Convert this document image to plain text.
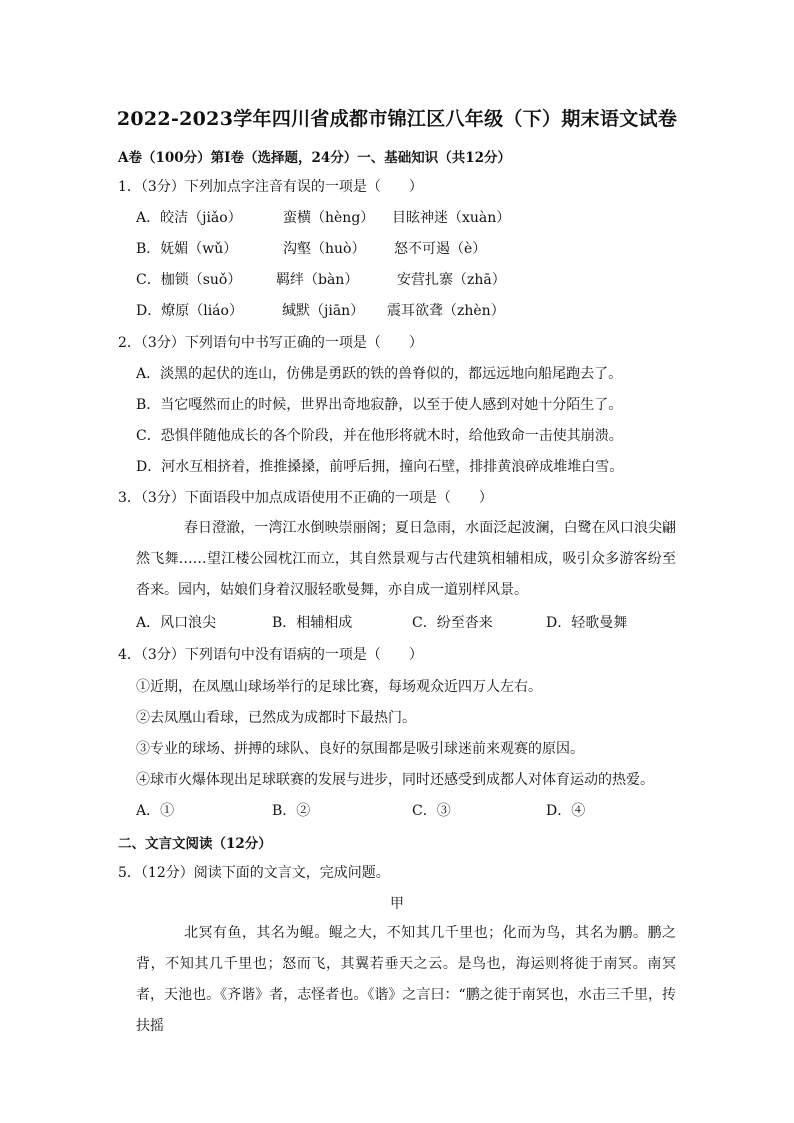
2022-2023学年四川省成都市锦江区八年级（下）期末语文试卷
A卷（100分）第Ⅰ卷（选择题，24分）一、基础知识（共12分）
1．（3分）下列加点字注音有误的一项是（　　）
A．皎洁（jiǎo）	蛮横（hèng） 目眩神迷（xuàn）
B．妩媚（wǔ）	沟壑（huò） 怒不可遏（è）
C．枷锁（suǒ） 羁绊（bàn）	安营扎寨（zhā）
D．燎原（liáo）	缄默（jiān） 震耳欲聋（zhèn）
2．（3分）下列语句中书写正确的一项是（　　）
A．淡黑的起伏的连山，仿佛是勇跃的铁的兽脊似的，都远远地向船尾跑去了。
B．当它嘎然而止的时候，世界出奇地寂静，以至于使人感到对她十分陌生了。
C．恐惧伴随他成长的各个阶段，并在他形将就木时，给他致命一击使其崩溃。
D．河水互相挤着，推推搡搡，前呼后拥，撞向石壁，排排黄浪碎成堆堆白雪。
3．（3分）下面语段中加点成语使用不正确的一项是（　　）
春日澄澈，一湾江水倒映崇丽阁；夏日急雨，水面泛起波澜，白鹭在风口浪尖翩然飞舞……望江楼公园枕江而立，其自然景观与古代建筑相辅相成，吸引众多游客纷至沓来。园内，姑娘们身着汉服轻歌曼舞，亦自成一道别样风景。
A．风口浪尖	B．相辅相成	C．纷至沓来	D．轻歌曼舞
4．（3分）下列语句中没有语病的一项是（　　）
①近期，在凤凰山球场举行的足球比赛，每场观众近四万人左右。
②去凤凰山看球，已然成为成都时下最热门。
③专业的球场、拼搏的球队、良好的氛围都是吸引球迷前来观赛的原因。
④球市火爆体现出足球联赛的发展与进步，同时还感受到成都人对体育运动的热爱。
A．①	B．②	C．③	D．④
二、文言文阅读（12分）
5．（12分）阅读下面的文言文，完成问题。
甲
北冥有鱼，其名为鲲。鲲之大，不知其几千里也；化而为鸟，其名为鹏。鹏之背，不知其几千里也；怒而飞，其翼若垂天之云。是鸟也，海运则将徙于南冥。南冥者，天池也。《齐谐》者，志怪者也。《谐》之言曰：“鹏之徙于南冥也，水击三千里，抟扶摇
